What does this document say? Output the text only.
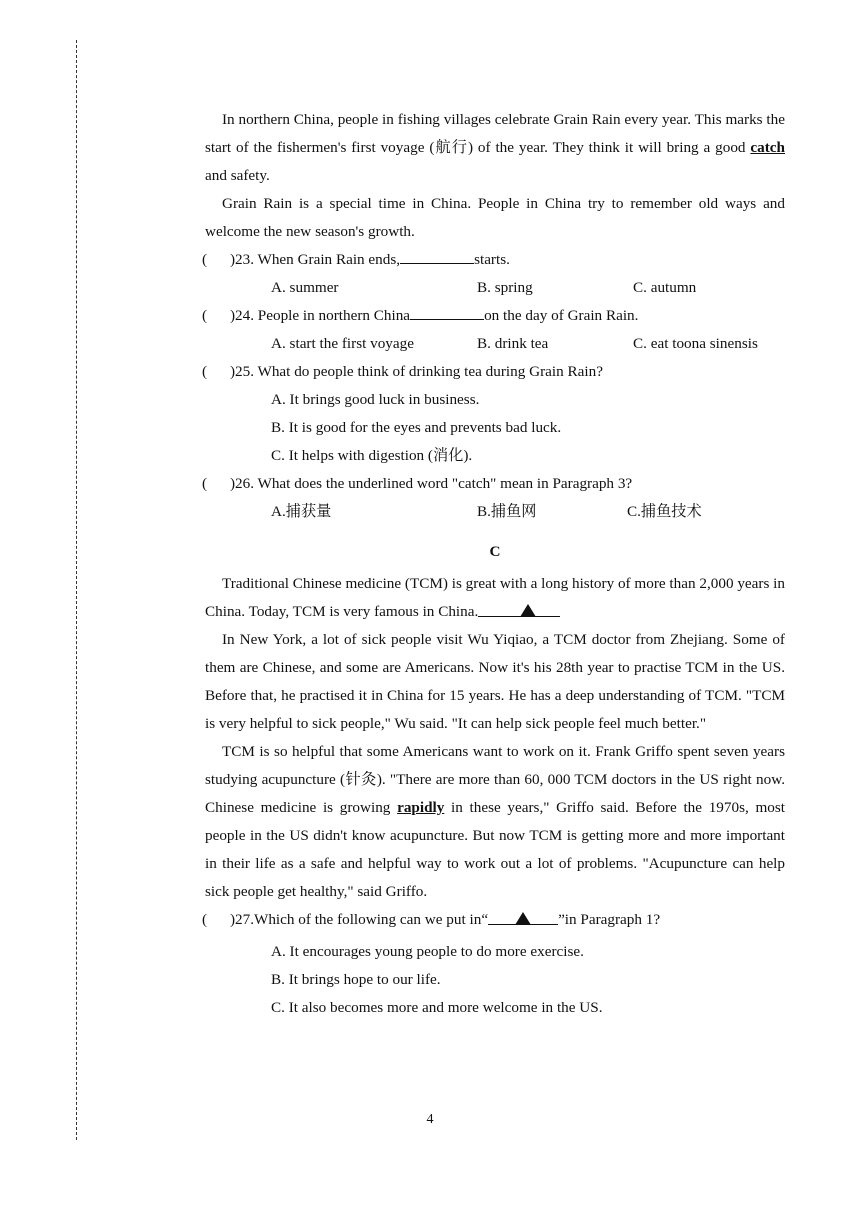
In northern China, people in fishing villages celebrate Grain Rain every year. This marks the start of the fishermen's first voyage (航行) of the year. They think it will bring a good catch and safety.

Grain Rain is a special time in China. People in China try to remember old ways and welcome the new season's growth.

( ) 23. When Grain Rain ends,	starts.
A. summer	B. spring	C. autumn
( ) 24. People in northern China	on the day of Grain Rain.
A. start the first voyage	B. drink tea	C. eat toona sinensis
( ) 25. What do people think of drinking tea during Grain Rain?
A. It brings good luck in business.
B. It is good for the eyes and prevents bad luck.
C. It helps with digestion (消化).
( ) 26. What does the underlined word "catch" mean in Paragraph 3?
A.捕获量	B.捕鱼网	C.捕鱼技术
C

Traditional Chinese medicine (TCM) is great with a long history of more than 2,000 years in China. Today, TCM is very famous in China.

In New York, a lot of sick people visit Wu Yiqiao, a TCM doctor from Zhejiang. Some of them are Chinese, and some are Americans. Now it's his 28th year to practise TCM in the US. Before that, he practised it in China for 15 years. He has a deep understanding of TCM. "TCM is very helpful to sick people," Wu said. "It can help sick people feel much better."

TCM is so helpful that some Americans want to work on it. Frank Griffo spent seven years studying acupuncture (针灸). "There are more than 60, 000 TCM doctors in the US right now. Chinese medicine is growing rapidly in these years," Griffo said. Before the 1970s, most people in the US didn't know acupuncture. But now TCM is getting more and more important in their life as a safe and helpful way to work out a lot of problems. "Acupuncture can help sick people get healthy," said Griffo.

( ) 27.Which of the following can we put in“	”in Paragraph 1?
A. It encourages young people to do more exercise.
B. It brings hope to our life.
C. It also becomes more and more welcome in the US.
4
